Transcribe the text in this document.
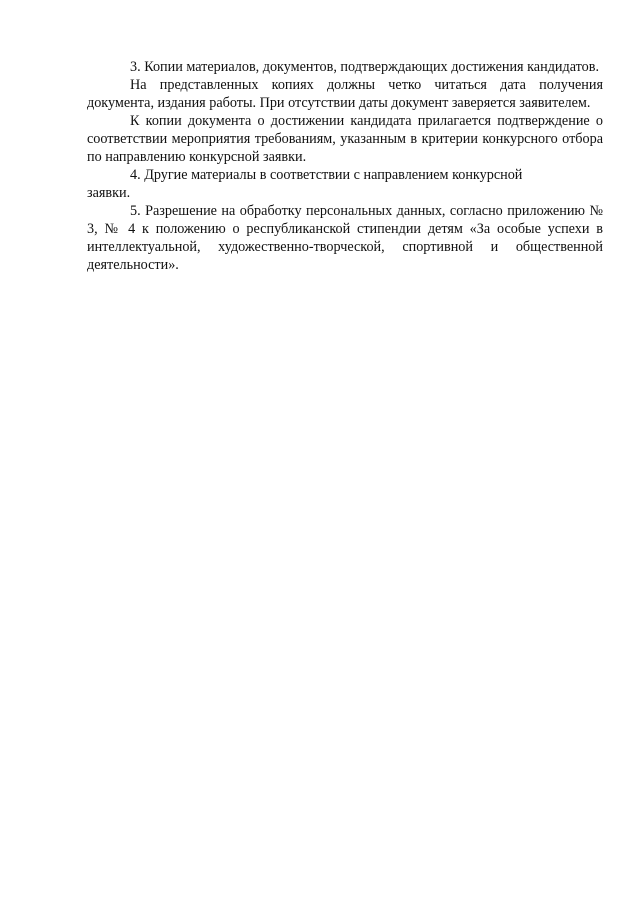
3. Копии материалов, документов, подтверждающих достижения кандидатов.

На представленных копиях должны четко читаться дата получения документа, издания работы. При отсутствии даты документ заверяется заявителем.

К копии документа о достижении кандидата прилагается подтверждение о соответствии мероприятия требованиям, указанным в критерии конкурсного отбора по направлению конкурсной заявки.

4. Другие материалы в соответствии с направлением конкурсной заявки.

5. Разрешение на обработку персональных данных, согласно приложению № 3, № 4 к положению о республиканской стипендии детям «За особые успехи в интеллектуальной, художественно-творческой, спортивной и общественной деятельности».
